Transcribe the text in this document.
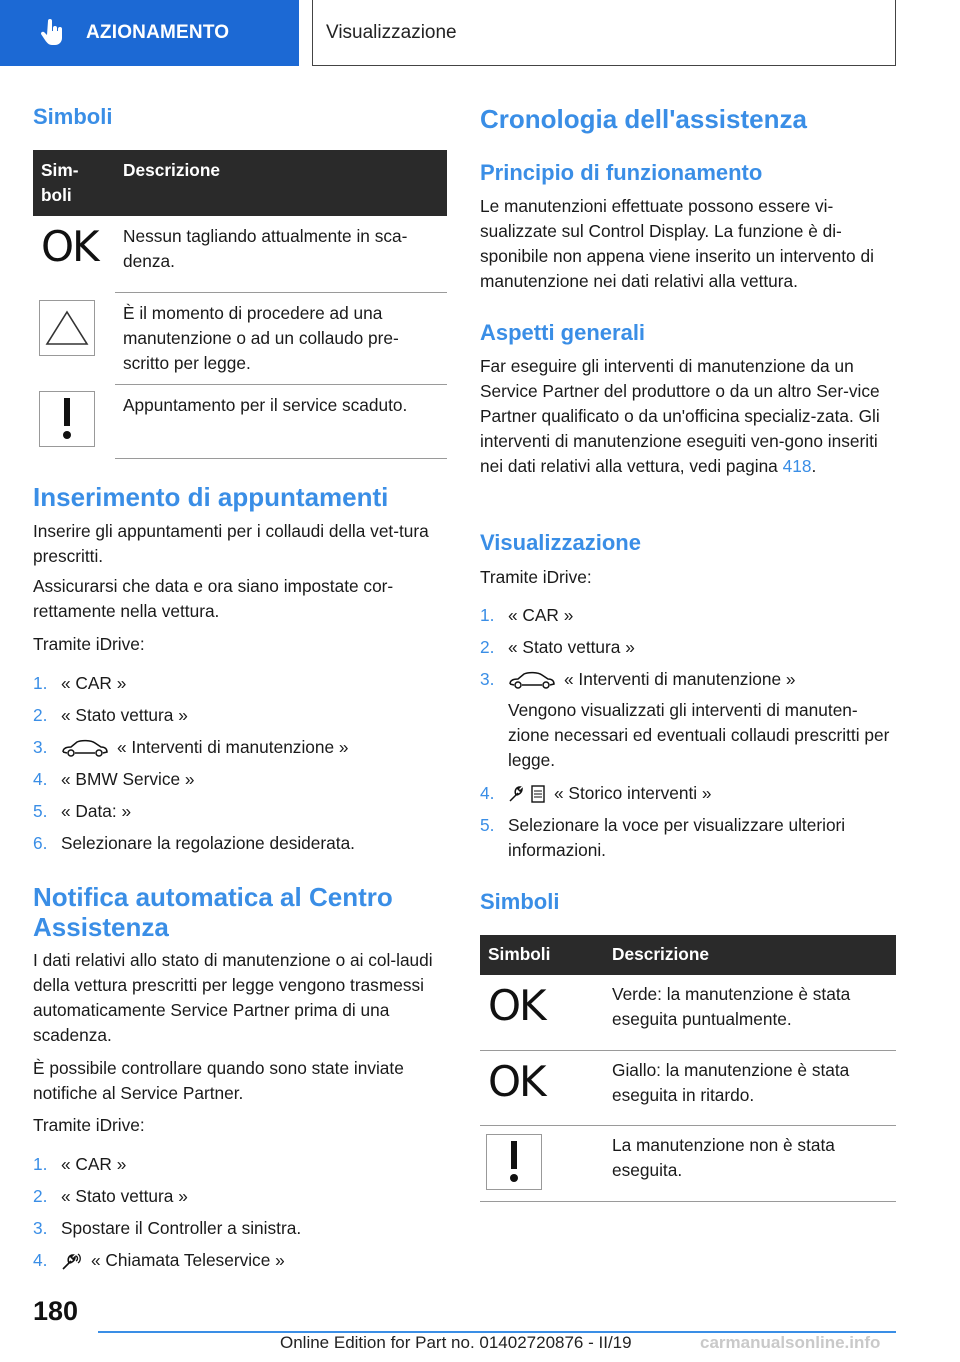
AZIONAMENTO	Visualizzazione
Simboli
Sim-
boli	Descrizione

OK	Nessun tagliando attualmente in sca-denza.

	È il momento di procedere ad una manutenzione o ad un collaudo pre-scritto per legge.

	Appuntamento per il service scaduto.
Inserimento di appuntamenti
Inserire gli appuntamenti per i collaudi della vet-tura prescritti.
Assicurarsi che data e ora siano impostate cor-rettamente nella vettura.
Tramite iDrive:
1. « CAR »
2. « Stato vettura »
3.	« Interventi di manutenzione »
4. « BMW Service »
5. « Data: »
6. Selezionare la regolazione desiderata.
Notifica automatica al Centro
Assistenza
I dati relativi allo stato di manutenzione o ai col-laudi della vettura prescritti per legge vengono trasmessi automaticamente Service Partner prima di una scadenza.
È possibile controllare quando sono state inviate notifiche al Service Partner.
Tramite iDrive:
1. « CAR »
2. « Stato vettura »
3. Spostare il Controller a sinistra.
4.	« Chiamata Teleservice »
Cronologia dell'assistenza
Principio di funzionamento
Le manutenzioni effettuate possono essere vi-sualizzate sul Control Display. La funzione è di-sponibile non appena viene inserito un intervento di manutenzione nei dati relativi alla vettura.
Aspetti generali
Far eseguire gli interventi di manutenzione da un Service Partner del produttore o da un altro Ser-vice Partner qualificato o da un'officina specializ-zata. Gli interventi di manutenzione eseguiti ven-gono inseriti nei dati relativi alla vettura, vedi pagina 418.
Visualizzazione
Tramite iDrive:
1. « CAR »
2. « Stato vettura »
3.	« Interventi di manutenzione »
Vengono visualizzati gli interventi di manuten-zione necessari ed eventuali collaudi prescritti per legge.
4.	« Storico interventi »
5. Selezionare la voce per visualizzare ulteriori informazioni.
Simboli
Simboli	Descrizione

OK	Verde: la manutenzione è stata eseguita puntualmente.

OK	Giallo: la manutenzione è stata eseguita in ritardo.

	La manutenzione non è stata eseguita.
180
Online Edition for Part no. 01402720876 - II/19	carmanualsonline.info
